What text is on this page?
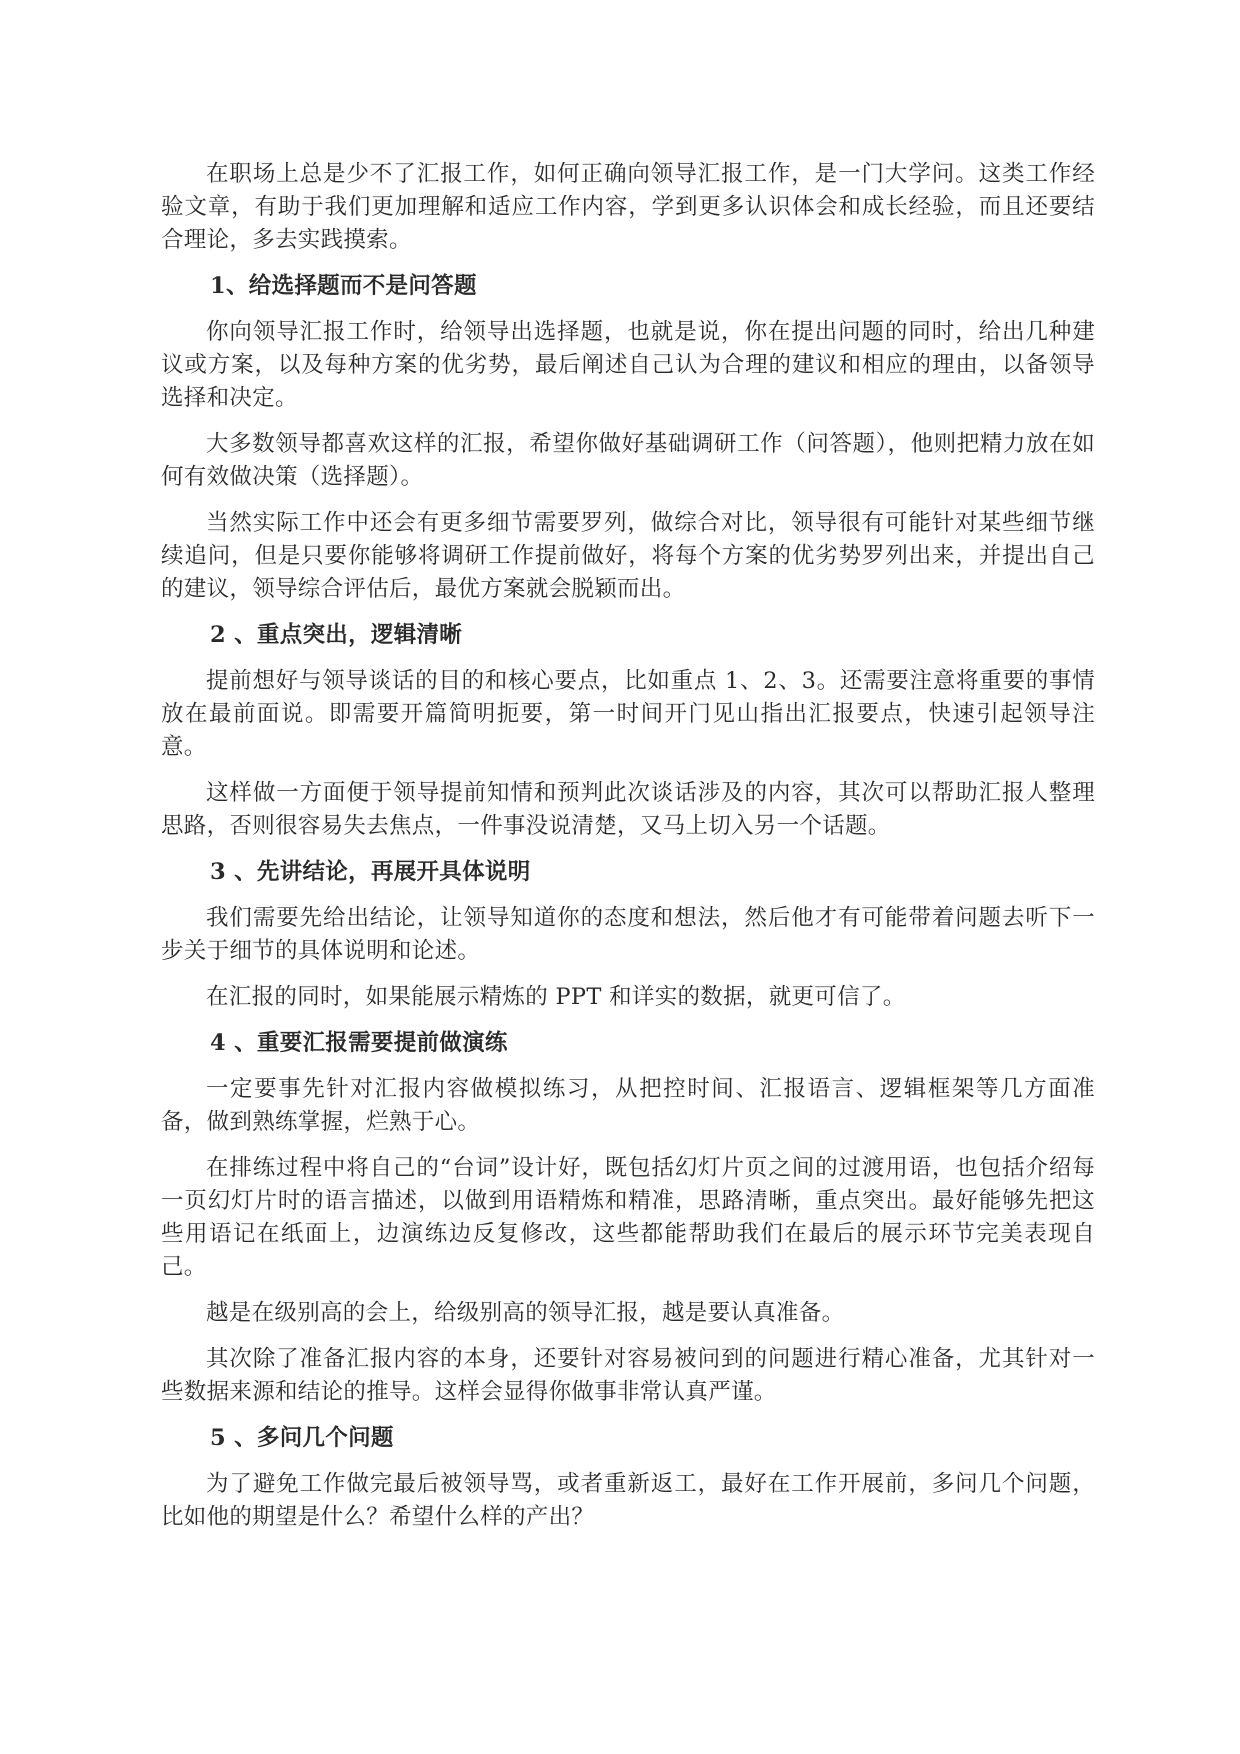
在职场上总是少不了汇报工作，如何正确向领导汇报工作，是一门大学问。这类工作经验文章，有助于我们更加理解和适应工作内容，学到更多认识体会和成长经验，而且还要结合理论，多去实践摸索。

1、给选择题而不是问答题

你向领导汇报工作时，给领导出选择题，也就是说，你在提出问题的同时，给出几种建议或方案，以及每种方案的优劣势，最后阐述自己认为合理的建议和相应的理由，以备领导选择和决定。

大多数领导都喜欢这样的汇报，希望你做好基础调研工作（问答题），他则把精力放在如何有效做决策（选择题）。

当然实际工作中还会有更多细节需要罗列，做综合对比，领导很有可能针对某些细节继续追问，但是只要你能够将调研工作提前做好，将每个方案的优劣势罗列出来，并提出自己的建议，领导综合评估后，最优方案就会脱颖而出。

2 、重点突出，逻辑清晰

提前想好与领导谈话的目的和核心要点，比如重点 1、2、3。还需要注意将重要的事情放在最前面说。即需要开篇简明扼要，第一时间开门见山指出汇报要点，快速引起领导注意。

这样做一方面便于领导提前知情和预判此次谈话涉及的内容，其次可以帮助汇报人整理思路，否则很容易失去焦点，一件事没说清楚，又马上切入另一个话题。

3 、先讲结论，再展开具体说明

我们需要先给出结论，让领导知道你的态度和想法，然后他才有可能带着问题去听下一步关于细节的具体说明和论述。

在汇报的同时，如果能展示精炼的 PPT 和详实的数据，就更可信了。

4 、重要汇报需要提前做演练

一定要事先针对汇报内容做模拟练习，从把控时间、汇报语言、逻辑框架等几方面准备，做到熟练掌握，烂熟于心。

在排练过程中将自己的“台词”设计好，既包括幻灯片页之间的过渡用语，也包括介绍每一页幻灯片时的语言描述，以做到用语精炼和精准，思路清晰，重点突出。最好能够先把这些用语记在纸面上，边演练边反复修改，这些都能帮助我们在最后的展示环节完美表现自己。

越是在级别高的会上，给级别高的领导汇报，越是要认真准备。

其次除了准备汇报内容的本身，还要针对容易被问到的问题进行精心准备，尤其针对一些数据来源和结论的推导。这样会显得你做事非常认真严谨。

5 、多问几个问题

为了避免工作做完最后被领导骂，或者重新返工，最好在工作开展前，多问几个问题，比如他的期望是什么？希望什么样的产出？
